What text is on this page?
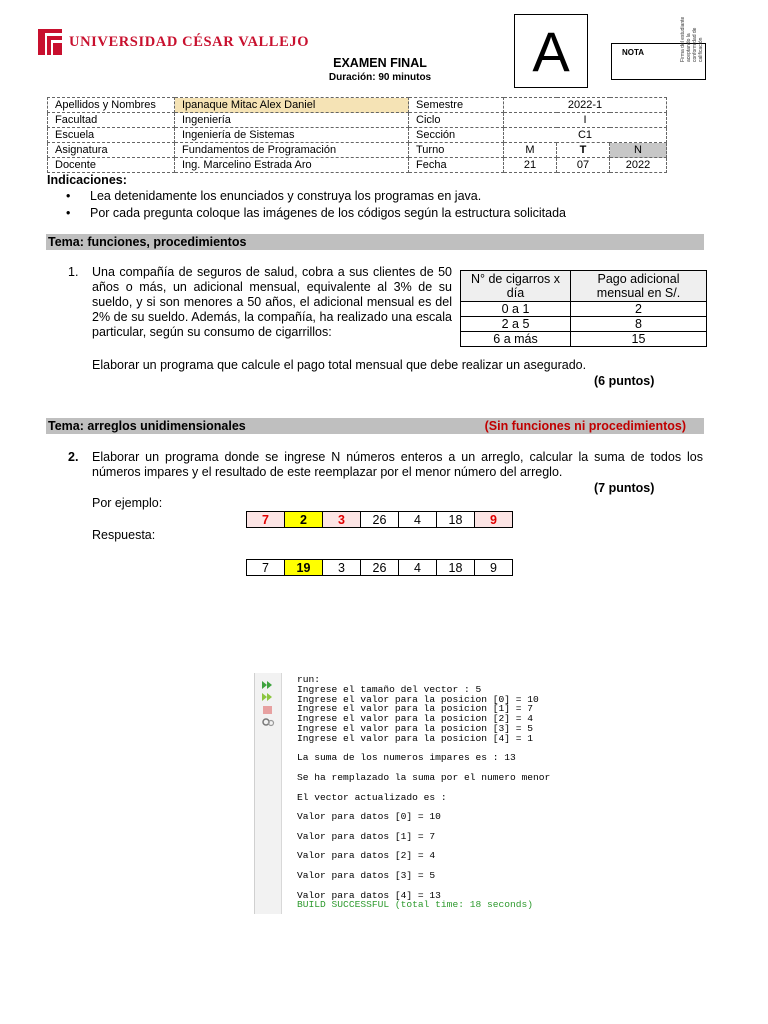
UNIVERSIDAD CÉSAR VALLEJO
EXAMEN FINAL
Duración: 90 minutos	A	NOTA	Firma del estudiante aceptando la conformidad de calificación
Apellidos y Nombres	Ipanaque Mitac Alex Daniel	Semestre	2022-1		
Facultad	Ingeniería	Ciclo	I		
Escuela	Ingeniería de Sistemas	Sección	C1		
Asignatura	Fundamentos de Programación	Turno	M	T	N
Docente	Ing. Marcelino Estrada Aro	Fecha	21	07	2022
Indicaciones:
• Lea detenidamente los enunciados y construya los programas en java.
• Por cada pregunta coloque las imágenes de los códigos según la estructura solicitada
Tema: funciones, procedimientos
1. Una compañía de seguros de salud, cobra a sus clientes de 50 años o más, un adicional mensual, equivalente al 3% de su sueldo, y si son menores a 50 años, el adicional mensual es del 2% de su sueldo. Además, la compañía, ha realizado una escala particular, según su consumo de cigarrillos:
Elaborar un programa que calcule el pago total mensual que debe realizar un asegurado.
(6 puntos)
N° de cigarros x día	Pago adicional mensual en S/.
0 a 1	2
2 a 5	8
6 a más	15
Tema: arreglos unidimensionales	(Sin funciones ni procedimientos)
2. Elaborar un programa donde se ingrese N números enteros a un arreglo, calcular la suma de todos los números impares y el resultado de este reemplazar por el menor número del arreglo.
(7 puntos)
Por ejemplo:
7	2	3	26	4	18	9
Respuesta:
7	19	3	26	4	18	9
run:
Ingrese el tamaño del vector : 5
Ingrese el valor para la posicion [0] = 10
Ingrese el valor para la posicion [1] = 7
Ingrese el valor para la posicion [2] = 4
Ingrese el valor para la posicion [3] = 5
Ingrese el valor para la posicion [4] = 1

La suma de los numeros impares es : 13

Se ha remplazado la suma por el numero menor

El vector actualizado es :

Valor para datos [0] = 10

Valor para datos [1] = 7

Valor para datos [2] = 4

Valor para datos [3] = 5

Valor para datos [4] = 13
BUILD SUCCESSFUL (total time: 18 seconds)
